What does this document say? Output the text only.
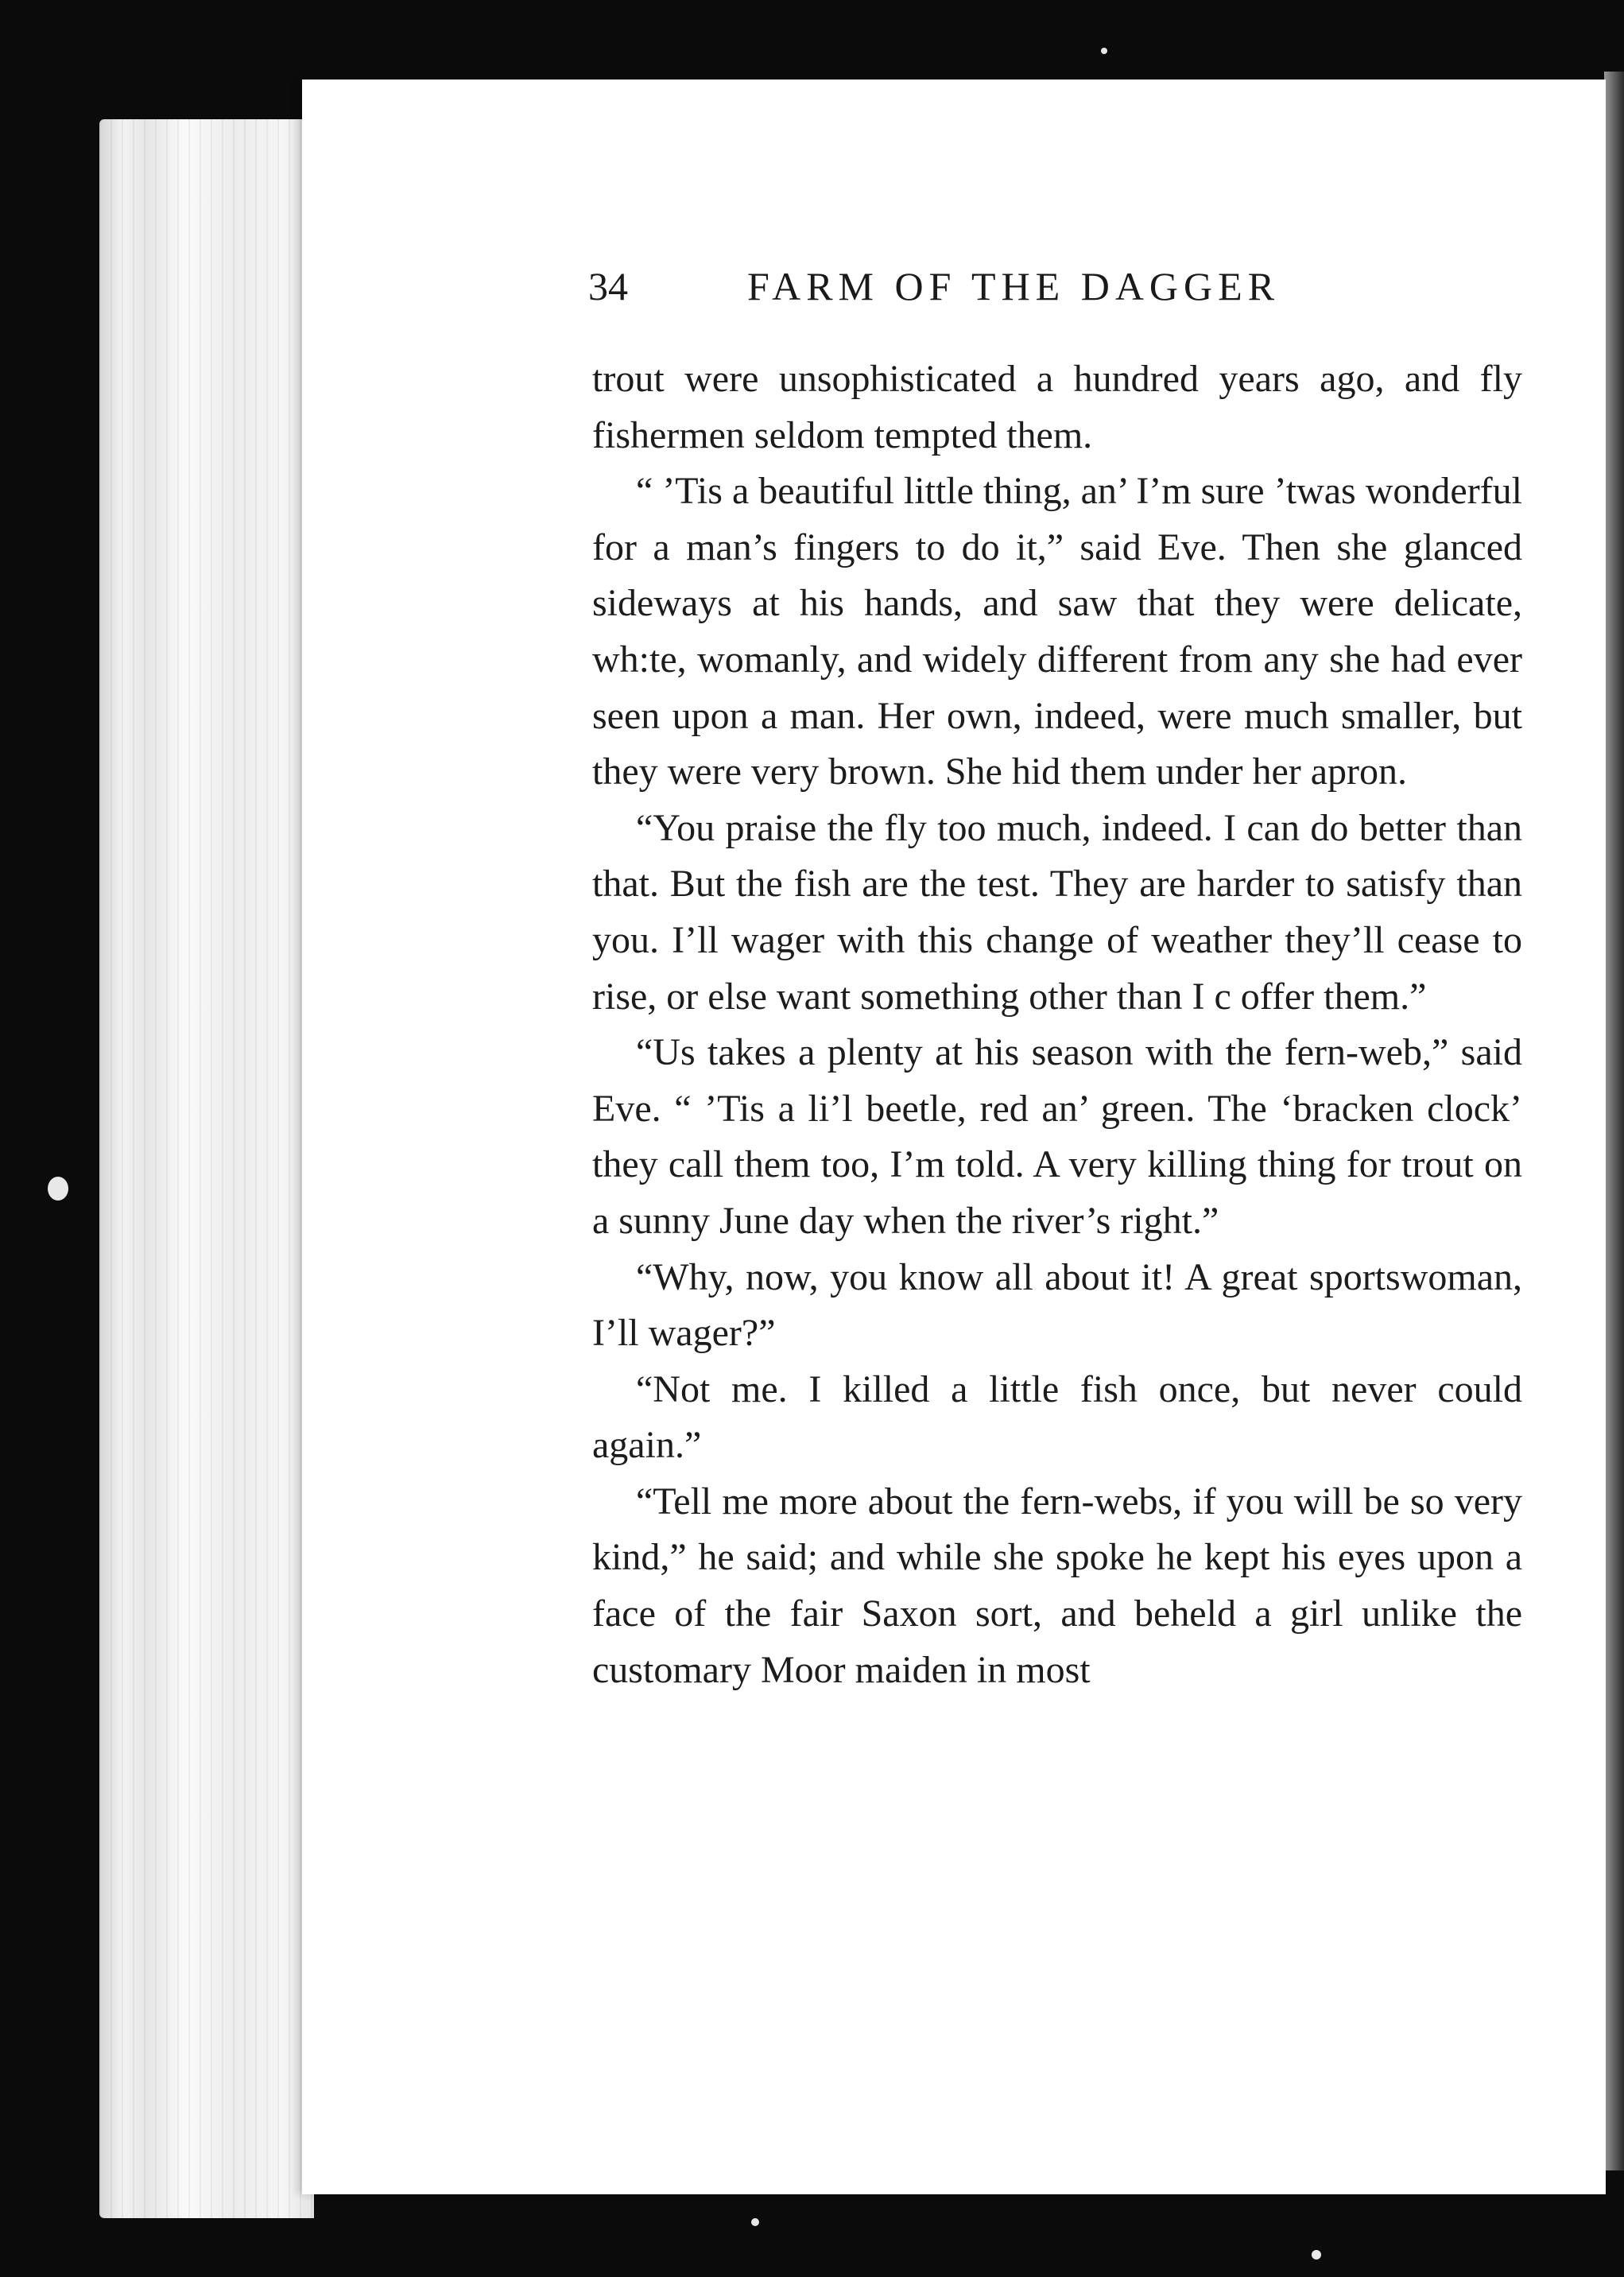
34	FARM OF THE DAGGER

trout were unsophisticated a hundred years ago, and fly fishermen seldom tempted them.

“ ’Tis a beautiful little thing, an’ I’m sure ’twas wonderful for a man’s fingers to do it,” said Eve. Then she glanced sideways at his hands, and saw that they were delicate, wh:te, womanly, and widely different from any she had ever seen upon a man. Her own, indeed, were much smaller, but they were very brown. She hid them under her apron.

“You praise the fly too much, indeed. I can do better than that. But the fish are the test. They are harder to satisfy than you. I’ll wager with this change of weather they’ll cease to rise, or else want something other than I c offer them.”

“Us takes a plenty at his season with the fern-web,” said Eve. “ ’Tis a li’l beetle, red an’ green. The ‘bracken clock’ they call them too, I’m told. A very killing thing for trout on a sunny June day when the river’s right.”

“Why, now, you know all about it! A great sportswoman, I’ll wager?”

“Not me. I killed a little fish once, but never could again.”

“Tell me more about the fern-webs, if you will be so very kind,” he said; and while she spoke he kept his eyes upon a face of the fair Saxon sort, and beheld a girl unlike the customary Moor maiden in most
